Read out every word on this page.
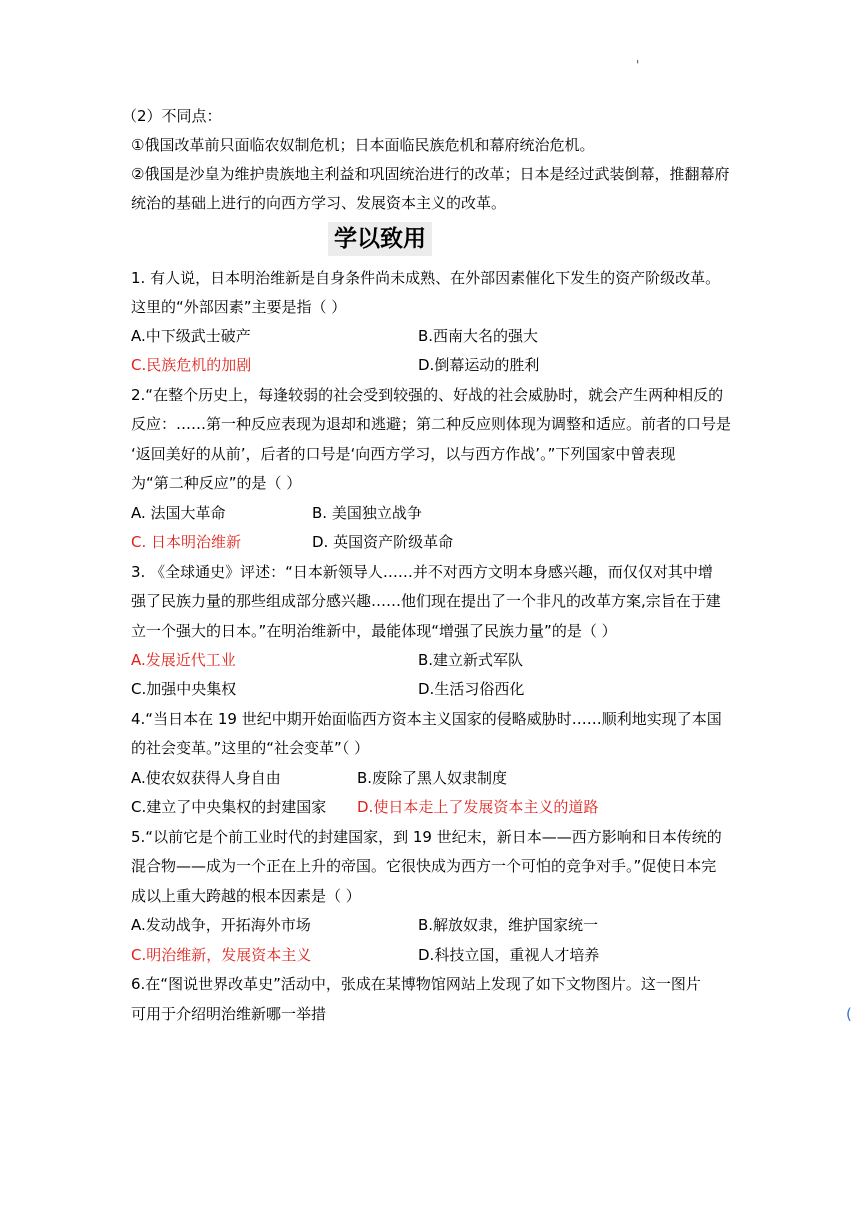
'
（2）不同点：
①俄国改革前只面临农奴制危机；日本面临民族危机和幕府统治危机。
②俄国是沙皇为维护贵族地主利益和巩固统治进行的改革；日本是经过武装倒幕，推翻幕府
统治的基础上进行的向西方学习、发展资本主义的改革。
学以致用
1. 有人说，日本明治维新是自身条件尚未成熟、在外部因素催化下发生的资产阶级改革。
这里的“外部因素”主要是指（ ）
A.中下级武士破产	B.西南大名的强大
C.民族危机的加剧	D.倒幕运动的胜利
2.“在整个历史上，每逢较弱的社会受到较强的、好战的社会威胁时，就会产生两种相反的
反应：……第一种反应表现为退却和逃避；第二种反应则体现为调整和适应。前者的口号是
‘返回美好的从前’，后者的口号是‘向西方学习，以与西方作战’。”下列国家中曾表现
为“第二种反应”的是（ ）
A. 法国大革命	B. 美国独立战争
C. 日本明治维新	D. 英国资产阶级革命
3. 《全球通史》评述：“日本新领导人……并不对西方文明本身感兴趣，而仅仅对其中增
强了民族力量的那些组成部分感兴趣……他们现在提出了一个非凡的改革方案,宗旨在于建
立一个强大的日本。”在明治维新中，最能体现“增强了民族力量”的是（ ）
A.发展近代工业	B.建立新式军队
C.加强中央集权	D.生活习俗西化
4.“当日本在 19 世纪中期开始面临西方资本主义国家的侵略威胁时……顺利地实现了本国
的社会变革。”这里的“社会变革”（ ）
A.使农奴获得人身自由	B.废除了黑人奴隶制度
C.建立了中央集权的封建国家 D.使日本走上了发展资本主义的道路
5.“以前它是个前工业时代的封建国家，到 19 世纪末，新日本——西方影响和日本传统的
混合物——成为一个正在上升的帝国。它很快成为西方一个可怕的竞争对手。”促使日本完
成以上重大跨越的根本因素是（ ）
A.发动战争，开拓海外市场	B.解放奴隶，维护国家统一
C.明治维新，发展资本主义	D.科技立国，重视人才培养
6.在“图说世界改革史”活动中，张成在某博物馆网站上发现了如下文物图片。这一图片
可用于介绍明治维新哪一举措	(
